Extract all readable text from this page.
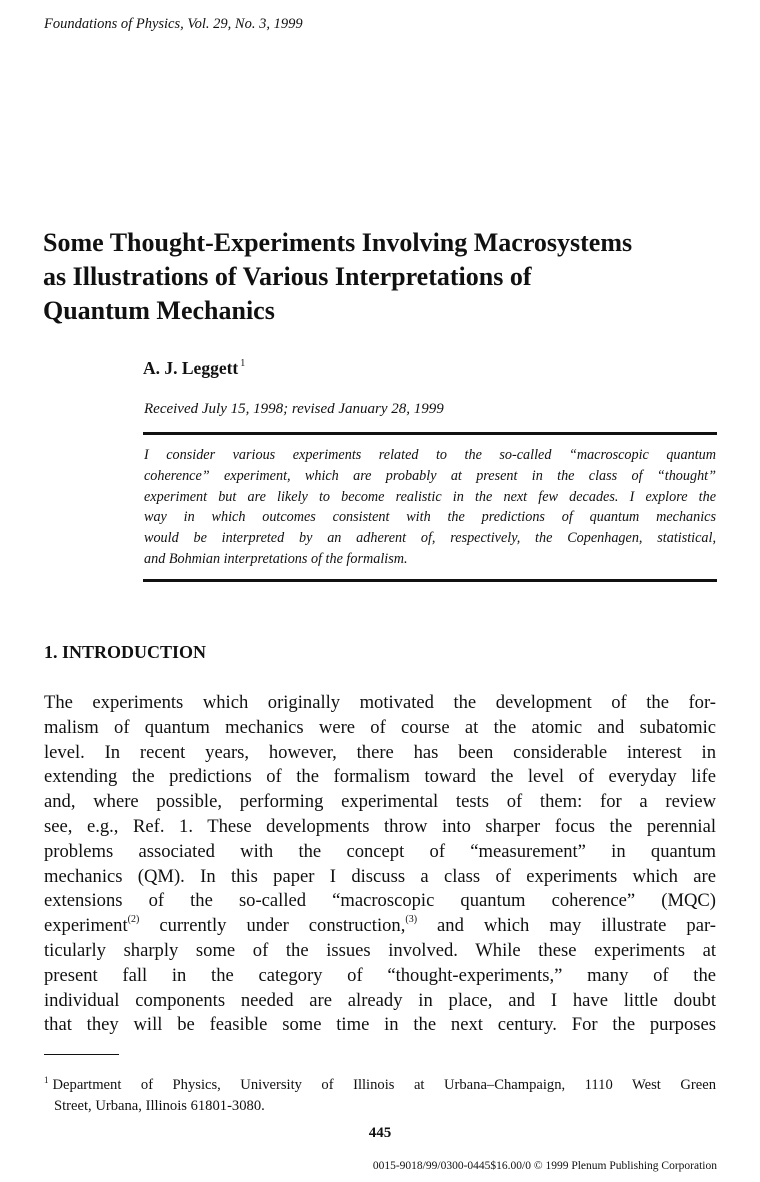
Foundations of Physics, Vol. 29, No. 3, 1999
Some Thought-Experiments Involving Macrosystems
as Illustrations of Various Interpretations of
Quantum Mechanics
A. J. Leggett $^1$
Received July 15, 1998; revised January 28, 1999
I consider various experiments related to the so-called “macroscopic quantum
coherence” experiment, which are probably at present in the class of “thought”
experiment but are likely to become realistic in the next few decades. I explore the
way in which outcomes consistent with the predictions of quantum mechanics
would be interpreted by an adherent of, respectively, the Copenhagen, statistical,
and Bohmian interpretations of the formalism.
1. INTRODUCTION
The experiments which originally motivated the development of the for-
malism of quantum mechanics were of course at the atomic and subatomic
level. In recent years, however, there has been considerable interest in
extending the predictions of the formalism toward the level of everyday life
and, where possible, performing experimental tests of them: for a review
see, e.g., Ref. 1. These developments throw into sharper focus the perennial
problems associated with the concept of “measurement” in quantum
mechanics (QM). In this paper I discuss a class of experiments which are
extensions of the so-called “macroscopic quantum coherence” (MQC)
experiment$^{(2)}$ currently under construction,$^{(3)}$ and which may illustrate par-
ticularly sharply some of the issues involved. While these experiments at
present fall in the category of “thought-experiments,” many of the
individual components needed are already in place, and I have little doubt
that they will be feasible some time in the next century. For the purposes
$^1$ Department of Physics, University of Illinois at Urbana–Champaign, 1110 West Green
Street, Urbana, Illinois 61801-3080.
445
0015-9018/99/0300-0445$16.00/0 © 1999 Plenum Publishing Corporation
